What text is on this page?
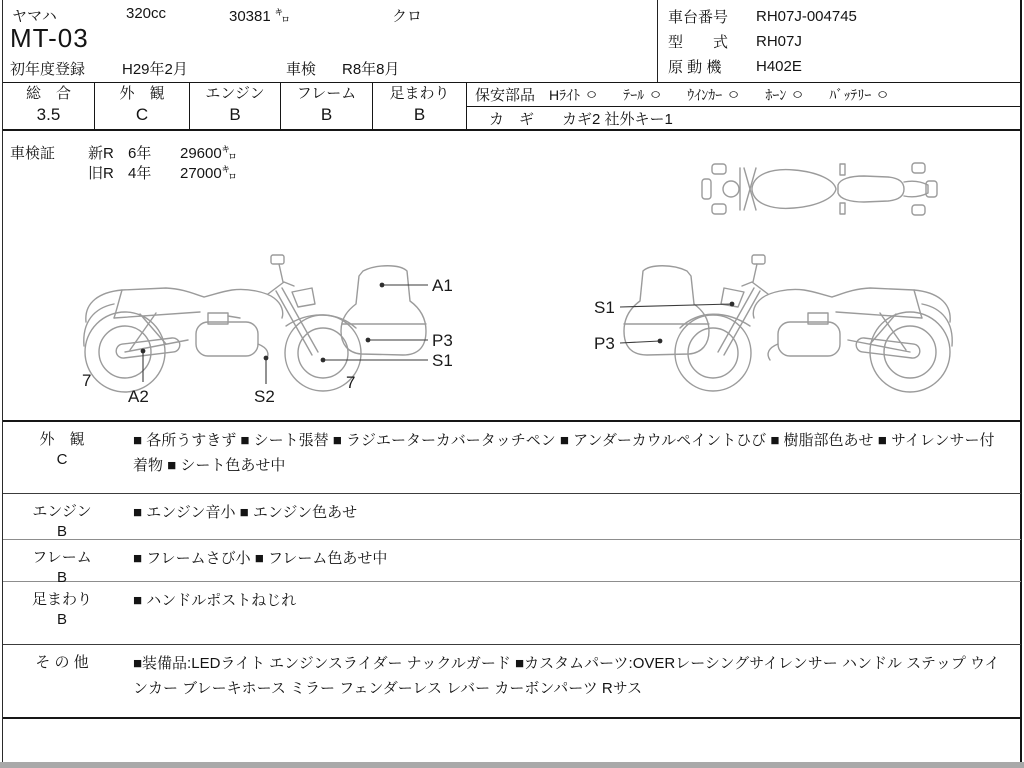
ヤマハ	320cc	30381 ㌔	クロ
MT-03
初年度登録 H29年2月	車検 R8年8月
車台番号	RH07J-004745
型　　式	RH07J
原 動 機	H402E
総　合
3.5
外　観
C
エンジン
B
フレーム
B
足まわり
B
保安部品 Hﾗｲﾄ ○ ﾃｰﾙ ○ ｳｲﾝｶｰ ○ ﾎｰﾝ ○ ﾊﾞｯﾃﾘｰ ○
カ　ギ カギ2 社外キー1
車検証	新R 6年	29600㌔
旧R 4年	27000㌔
A1
P3
S1
S2
A2
7	7
S1
P3
外　観
C
■ 各所うすきず ■ シート張替 ■ ラジエーターカバータッチペン ■ アンダーカウルペイントひび ■ 樹脂部色あせ ■ サイレンサー付着物 ■ シート色あせ中
エンジン
B
■ エンジン音小 ■ エンジン色あせ
フレーム
B
■ フレームさび小 ■ フレーム色あせ中
足まわり
B
■ ハンドルポストねじれ
そ の 他	■装備品:LEDライト エンジンスライダー ナックルガード ■カスタムパーツ:OVERレーシングサイレンサー ハンドル ステップ ウインカー ブレーキホース ミラー フェンダーレス レバー カーボンパーツ Rサス
